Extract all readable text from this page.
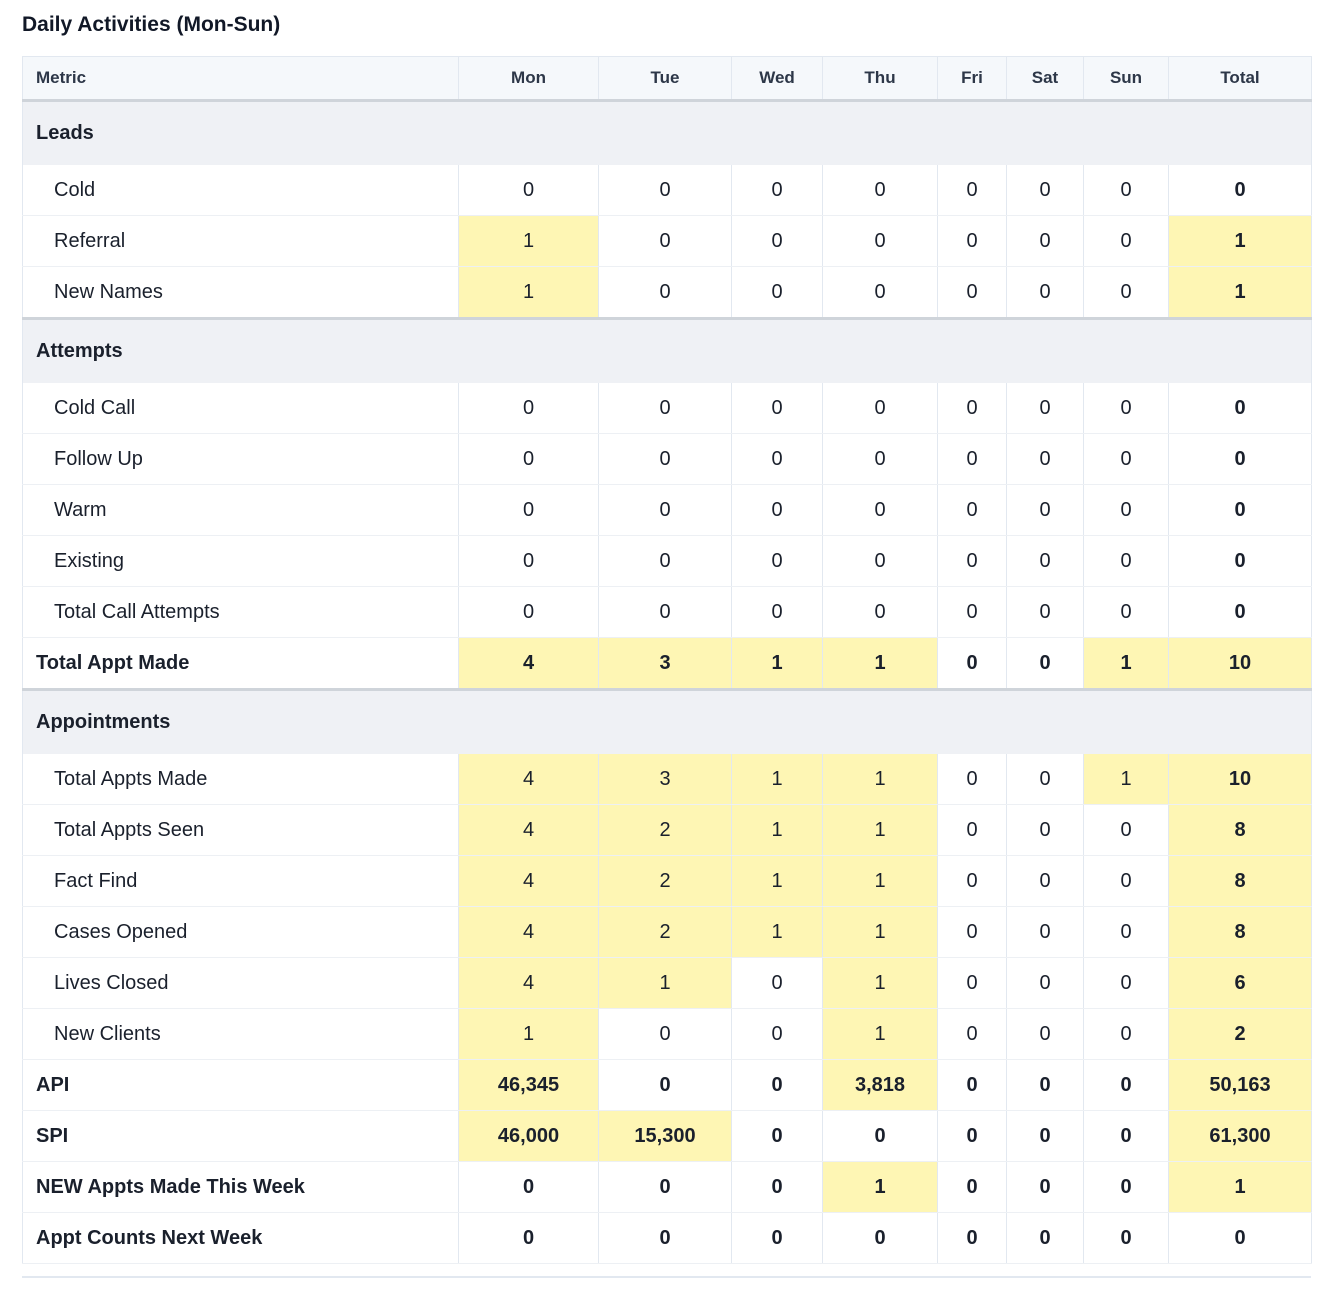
Daily Activities (Mon-Sun)
Metric	Mon	Tue	Wed	Thu	Fri	Sat	Sun	Total
Leads								
Cold	0	0	0	0	0	0	0	0
Referral	1	0	0	0	0	0	0	1
New Names	1	0	0	0	0	0	0	1
Attempts								
Cold Call	0	0	0	0	0	0	0	0
Follow Up	0	0	0	0	0	0	0	0
Warm	0	0	0	0	0	0	0	0
Existing	0	0	0	0	0	0	0	0
Total Call Attempts	0	0	0	0	0	0	0	0
Total Appt Made	4	3	1	1	0	0	1	10
Appointments								
Total Appts Made	4	3	1	1	0	0	1	10
Total Appts Seen	4	2	1	1	0	0	0	8
Fact Find	4	2	1	1	0	0	0	8
Cases Opened	4	2	1	1	0	0	0	8
Lives Closed	4	1	0	1	0	0	0	6
New Clients	1	0	0	1	0	0	0	2
API	46,345	0	0	3,818	0	0	0	50,163
SPI	46,000	15,300	0	0	0	0	0	61,300
NEW Appts Made This Week	0	0	0	1	0	0	0	1
Appt Counts Next Week	0	0	0	0	0	0	0	0
